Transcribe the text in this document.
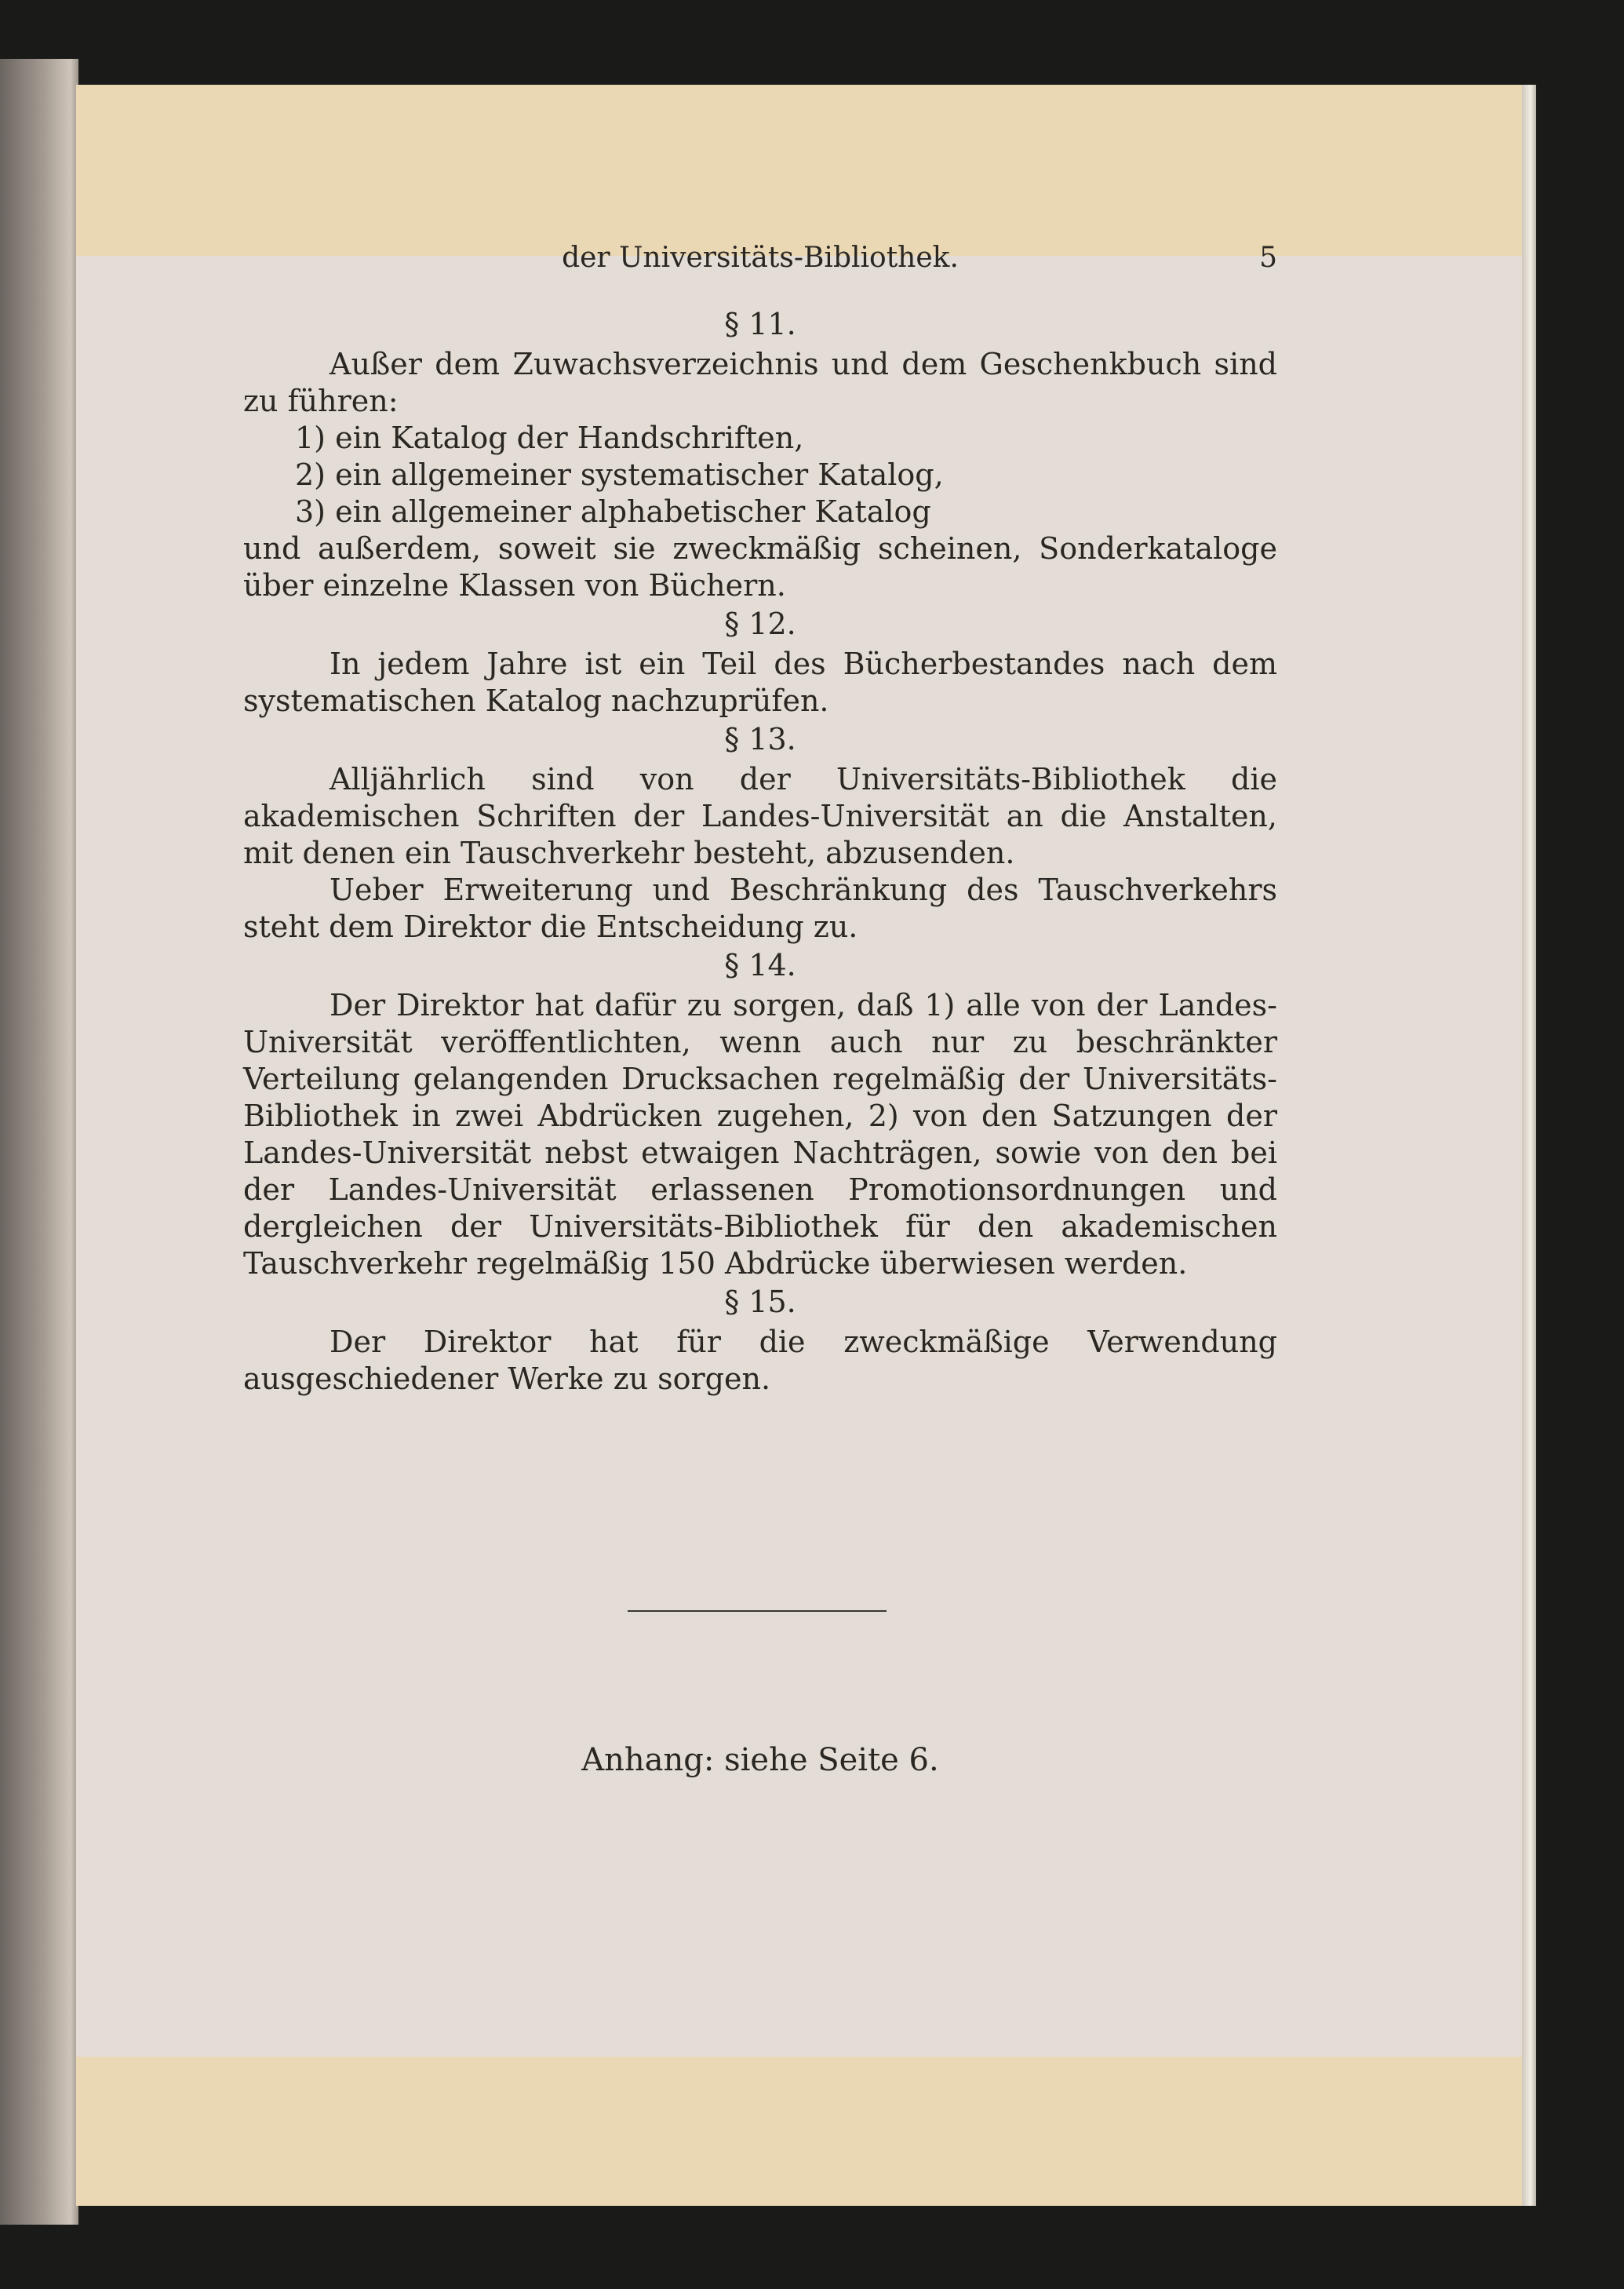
der Universitäts-Bibliothek.	5
§ 11.

Außer dem Zuwachsverzeichnis und dem Geschenkbuch sind zu führen:

1) ein Katalog der Handschriften,
2) ein allgemeiner systematischer Katalog,
3) ein allgemeiner alphabetischer Katalog

und außerdem, soweit sie zweckmäßig scheinen, Sonderkataloge über einzelne Klassen von Büchern.

§ 12.

In jedem Jahre ist ein Teil des Bücherbestandes nach dem systematischen Katalog nachzuprüfen.

§ 13.

Alljährlich sind von der Universitäts-Bibliothek die akademischen Schriften der Landes-Universität an die Anstalten, mit denen ein Tauschverkehr besteht, abzusenden.

Ueber Erweiterung und Beschränkung des Tauschverkehrs steht dem Direktor die Entscheidung zu.

§ 14.

Der Direktor hat dafür zu sorgen, daß 1) alle von der Landes-Universität veröffentlichten, wenn auch nur zu beschränkter Verteilung gelangenden Drucksachen regelmäßig der Universitäts-Bibliothek in zwei Abdrücken zugehen, 2) von den Satzungen der Landes-Universität nebst etwaigen Nachträgen, sowie von den bei der Landes-Universität erlassenen Promotionsordnungen und dergleichen der Universitäts-Bibliothek für den akademischen Tauschverkehr regelmäßig 150 Abdrücke überwiesen werden.

§ 15.

Der Direktor hat für die zweckmäßige Verwendung ausgeschiedener Werke zu sorgen.

Anhang: siehe Seite 6.
